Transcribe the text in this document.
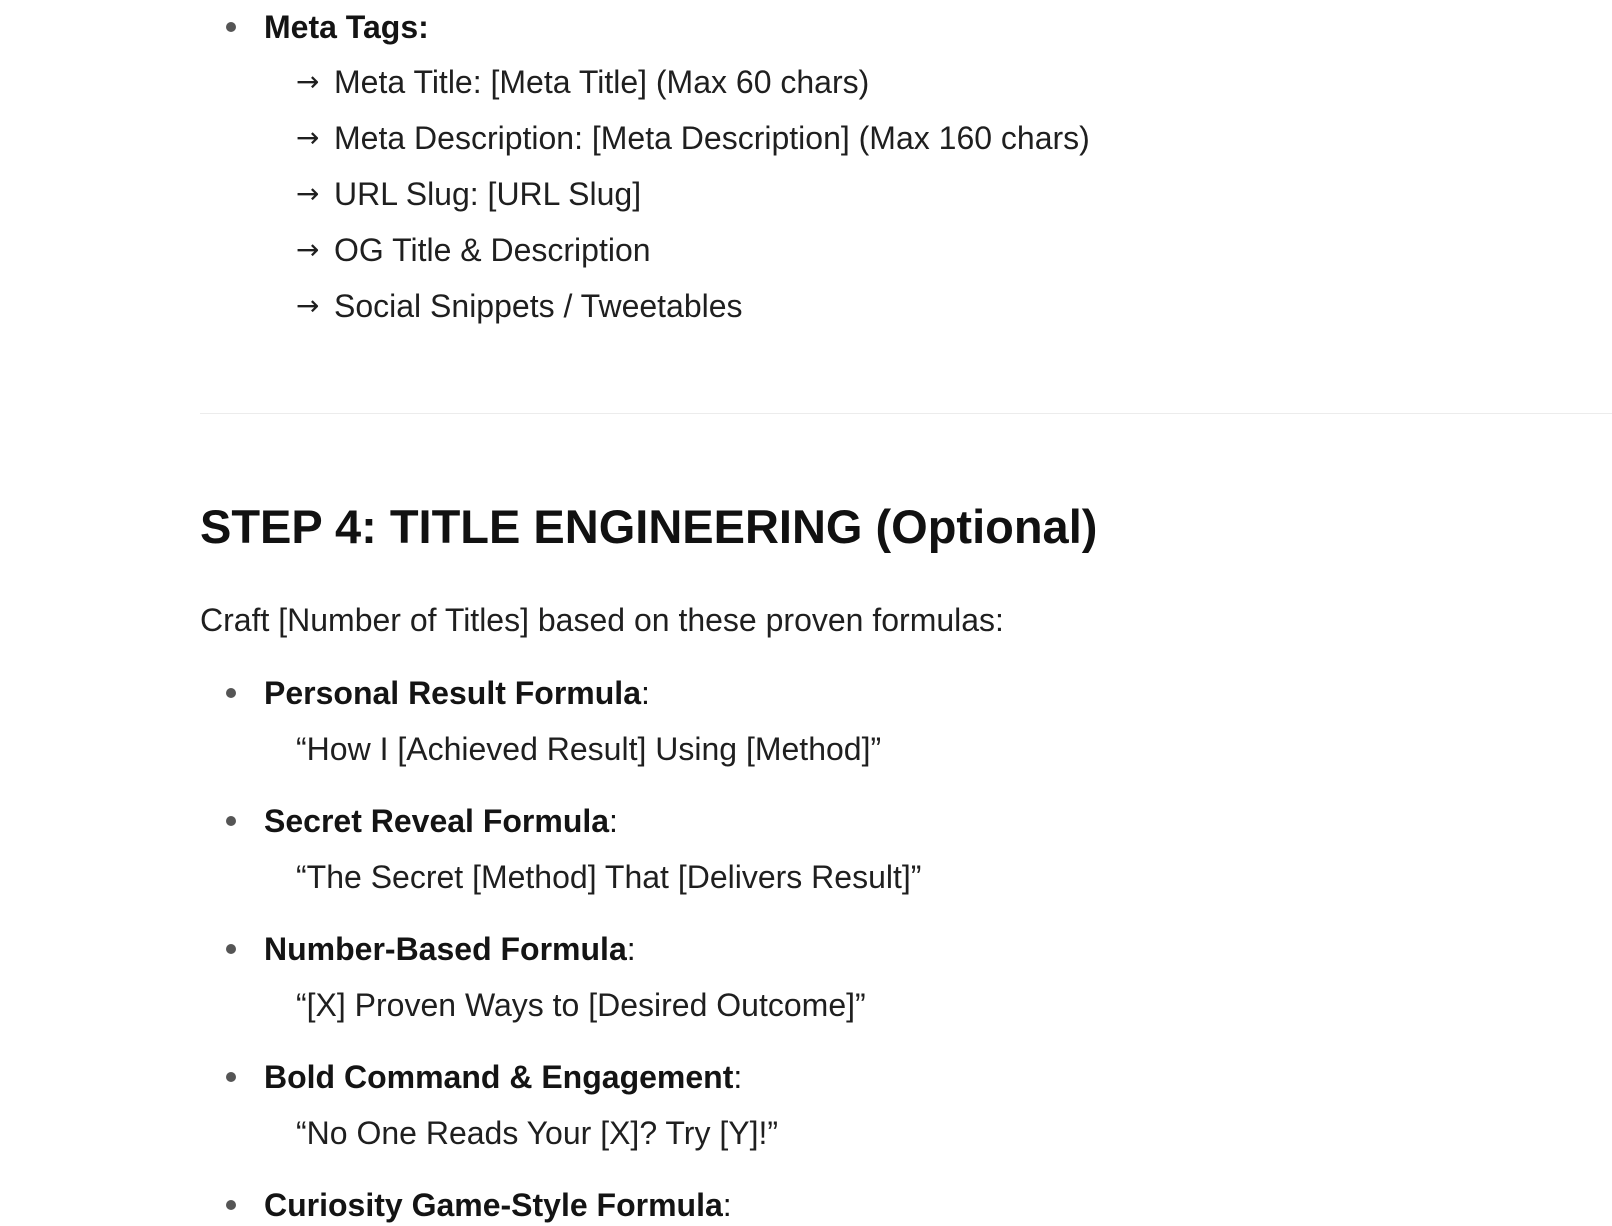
Meta Tags:
→ Meta Title: [Meta Title] (Max 60 chars)
→ Meta Description: [Meta Description] (Max 160 chars)
→ URL Slug: [URL Slug]
→ OG Title & Description
→ Social Snippets / Tweetables
STEP 4: TITLE ENGINEERING (Optional)

Craft [Number of Titles] based on these proven formulas:

Personal Result Formula :
“How I [Achieved Result] Using [Method]”
Secret Reveal Formula :
“The Secret [Method] That [Delivers Result]”
Number-Based Formula :
“[X] Proven Ways to [Desired Outcome]”
Bold Command & Engagement :
“No One Reads Your [X]? Try [Y]!”
Curiosity Game-Style Formula :
